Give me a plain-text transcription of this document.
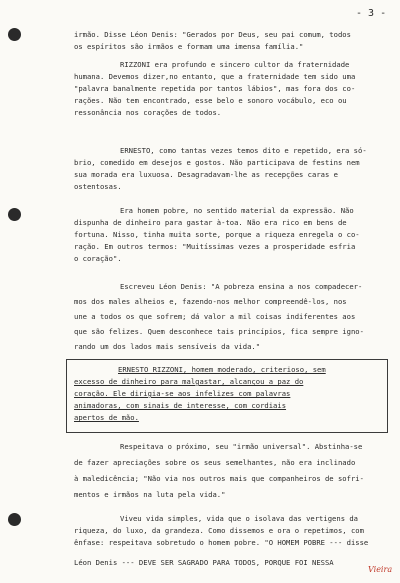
- 3 -

irmão. Disse Léon Denis: "Gerados por Deus, seu pai comum, todos

os espíritos são irmãos e formam uma imensa família."

RIZZONI era profundo e sincero cultor da fraternidade

humana. Devemos dizer,no entanto, que a fraternidade tem sido uma

"palavra banalmente repetida por tantos lábios", mas fora dos co-

rações. Não tem encontrado, esse belo e sonoro vocábulo, eco ou

ressonância nos corações de todos.

ERNESTO, como tantas vezes temos dito e repetido, era só-

brio, comedido em desejos e gostos. Não participava de festins nem

sua morada era luxuosa. Desagradavam-lhe as recepções caras e

ostentosas.

Era homem pobre, no sentido material da expressão. Não

dispunha de dinheiro para gastar à-toa. Não era rico em bens de

fortuna. Nisso, tinha muita sorte, porque a riqueza enregela o co-

ração. Em outros termos: "Muitíssimas vezes a prosperidade esfria

o coração".

Escreveu Léon Denis: "A pobreza ensina a nos compadecer-

mos dos males alheios e, fazendo-nos melhor compreendê-los, nos

une a todos os que sofrem; dá valor a mil coisas indiferentes aos

que são felizes. Quem desconhece tais princípios, fica sempre igno-

rando um dos lados mais sensíveis da vida."

ERNESTO RIZZONI, homem moderado, criterioso, sem

excesso de dinheiro para malgastar, alcançou a paz do

coração. Ele dirigia-se aos infelizes com palavras

animadoras, com sinais de interesse, com cordiais

apertos de mão.

Respeitava o próximo, seu "irmão universal". Abstinha-se

de fazer apreciações sobre os seus semelhantes, não era inclinado

à maledicência; "Não via nos outros mais que companheiros de sofri-

mentos e irmãos na luta pela vida."

Viveu vida simples, vida que o isolava das vertigens da

riqueza, do luxo, da grandeza. Como dissemos e ora o repetimos, com

ênfase: respeitava sobretudo o homem pobre. "O HOMEM POBRE --- disse

Léon Denis --- DEVE SER SAGRADO PARA TODOS, PORQUE FOI NESSA

Vieira
